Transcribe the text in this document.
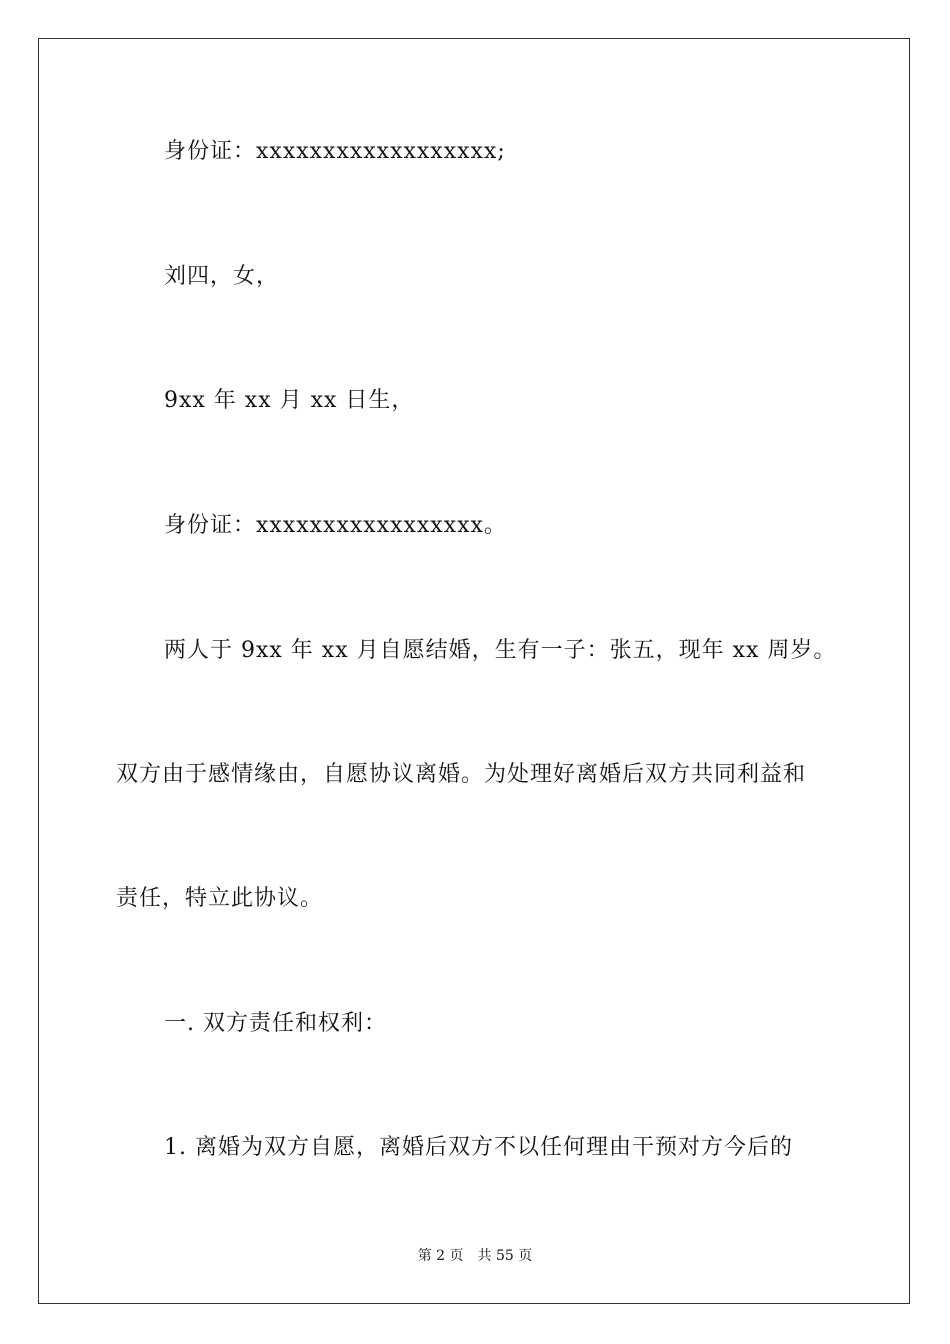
身份证：xxxxxxxxxxxxxxxxxx;
刘四，女，
9xx 年 xx 月 xx 日生，
身份证：xxxxxxxxxxxxxxxxx。
两人于 9xx 年 xx 月自愿结婚，生有一子：张五，现年 xx 周岁。
双方由于感情缘由，自愿协议离婚。为处理好离婚后双方共同利益和
责任，特立此协议。
一. 双方责任和权利：
1. 离婚为双方自愿，离婚后双方不以任何理由干预对方今后的
第 2 页 共 55 页
